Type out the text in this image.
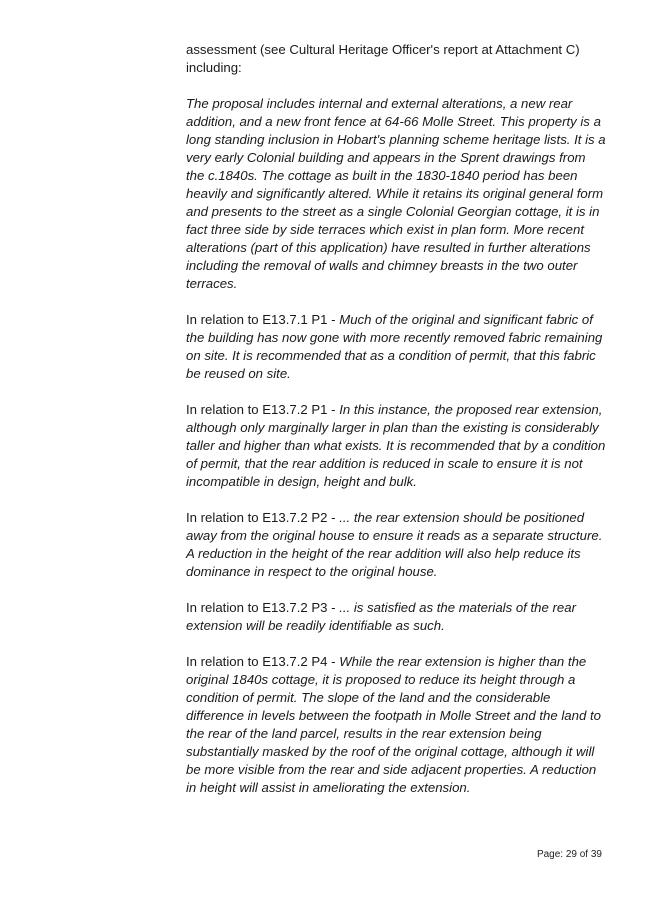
assessment (see Cultural Heritage Officer's report at Attachment C) including:

The proposal includes internal and external alterations, a new rear addition, and a new front fence at 64-66 Molle Street. This property is a long standing inclusion in Hobart's planning scheme heritage lists. It is a very early Colonial building and appears in the Sprent drawings from the c.1840s. The cottage as built in the 1830-1840 period has been heavily and significantly altered. While it retains its original general form and presents to the street as a single Colonial Georgian cottage, it is in fact three side by side terraces which exist in plan form. More recent alterations (part of this application) have resulted in further alterations including the removal of walls and chimney breasts in the two outer terraces.

In relation to E13.7.1 P1 - Much of the original and significant fabric of the building has now gone with more recently removed fabric remaining on site. It is recommended that as a condition of permit, that this fabric be reused on site.

In relation to E13.7.2 P1 - In this instance, the proposed rear extension, although only marginally larger in plan than the existing is considerably taller and higher than what exists. It is recommended that by a condition of permit, that the rear addition is reduced in scale to ensure it is not incompatible in design, height and bulk.

In relation to E13.7.2 P2 - ... the rear extension should be positioned away from the original house to ensure it reads as a separate structure. A reduction in the height of the rear addition will also help reduce its dominance in respect to the original house.

In relation to E13.7.2 P3 - ... is satisfied as the materials of the rear extension will be readily identifiable as such.

In relation to E13.7.2 P4 - While the rear extension is higher than the original 1840s cottage, it is proposed to reduce its height through a condition of permit. The slope of the land and the considerable difference in levels between the footpath in Molle Street and the land to the rear of the land parcel, results in the rear extension being substantially masked by the roof of the original cottage, although it will be more visible from the rear and side adjacent properties. A reduction in height will assist in ameliorating the extension.

Page: 29 of 39
